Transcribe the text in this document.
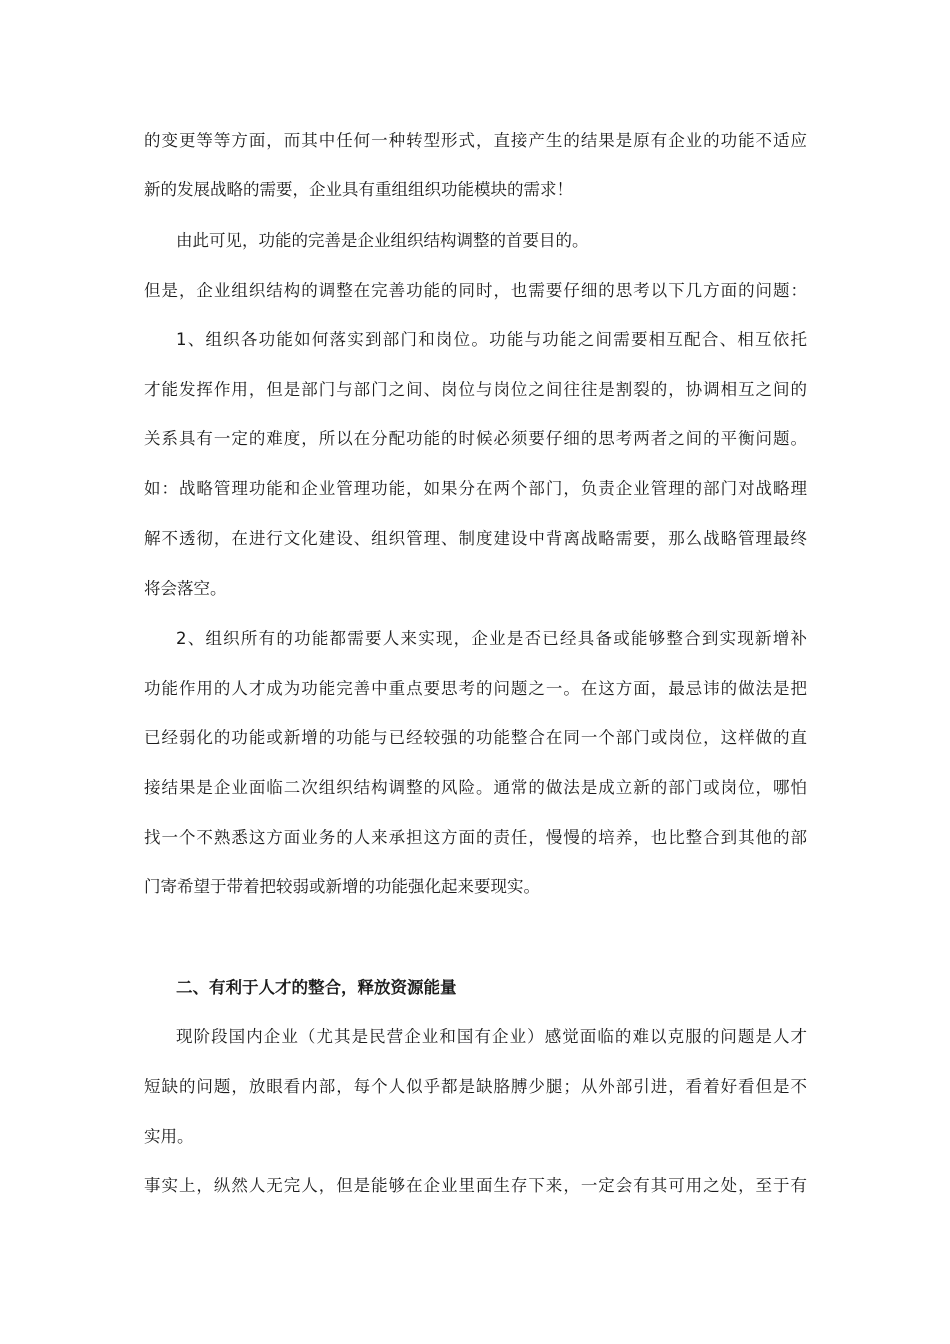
的变更等等方面，而其中任何一种转型形式，直接产生的结果是原有企业的功能不适应

新的发展战略的需要，企业具有重组组织功能模块的需求！

由此可见，功能的完善是企业组织结构调整的首要目的。

但是，企业组织结构的调整在完善功能的同时，也需要仔细的思考以下几方面的问题：

1、组织各功能如何落实到部门和岗位。功能与功能之间需要相互配合、相互依托

才能发挥作用，但是部门与部门之间、岗位与岗位之间往往是割裂的，协调相互之间的

关系具有一定的难度，所以在分配功能的时候必须要仔细的思考两者之间的平衡问题。

如：战略管理功能和企业管理功能，如果分在两个部门，负责企业管理的部门对战略理

解不透彻，在进行文化建设、组织管理、制度建设中背离战略需要，那么战略管理最终

将会落空。

2、组织所有的功能都需要人来实现，企业是否已经具备或能够整合到实现新增补

功能作用的人才成为功能完善中重点要思考的问题之一。在这方面，最忌讳的做法是把

已经弱化的功能或新增的功能与已经较强的功能整合在同一个部门或岗位，这样做的直

接结果是企业面临二次组织结构调整的风险。通常的做法是成立新的部门或岗位，哪怕

找一个不熟悉这方面业务的人来承担这方面的责任，慢慢的培养，也比整合到其他的部

门寄希望于带着把较弱或新增的功能强化起来要现实。

二、有利于人才的整合，释放资源能量

现阶段国内企业（尤其是民营企业和国有企业）感觉面临的难以克服的问题是人才

短缺的问题，放眼看内部，每个人似乎都是缺胳膊少腿；从外部引进，看着好看但是不

实用。

事实上，纵然人无完人，但是能够在企业里面生存下来，一定会有其可用之处，至于有
